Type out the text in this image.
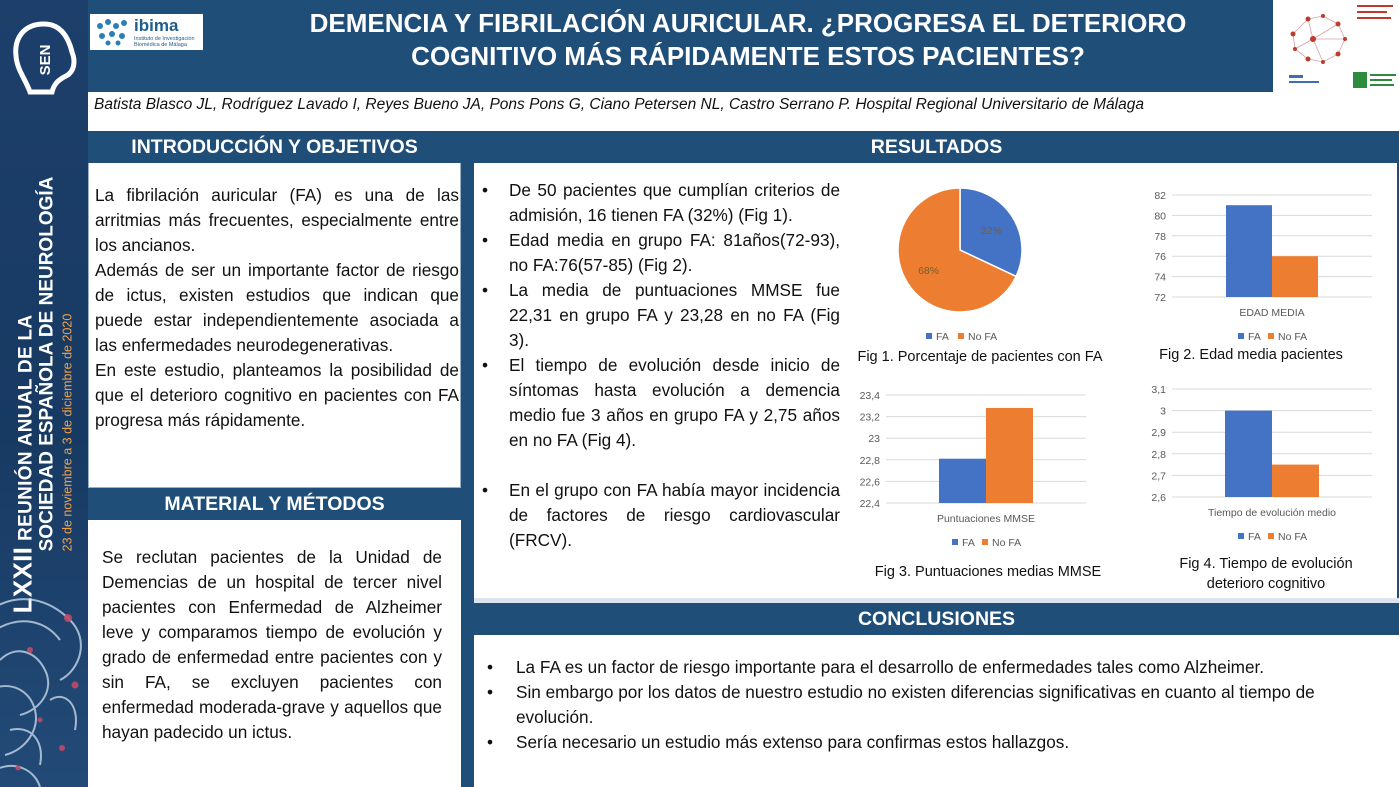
SEN
LXXIIREUNIÓN ANUAL DE LA SOCIEDAD ESPAÑOLA DE NEUROLOGÍA 23 de noviembre a 3 de diciembre de 2020
ibima
Instituto de Investigación Biomédica de Málaga
DEMENCIA Y FIBRILACIÓN AURICULAR. ¿PROGRESA EL DETERIORO
COGNITIVO MÁS RÁPIDAMENTE ESTOS PACIENTES?
Batista Blasco JL, Rodríguez Lavado I, Reyes Bueno JA, Pons Pons G, Ciano Petersen NL, Castro Serrano P. Hospital Regional Universitario de Málaga
INTRODUCCIÓN Y OBJETIVOS
MATERIAL Y MÉTODOS
RESULTADOS
CONCLUSIONES

La fibrilación auricular (FA) es una de las arritmias más frecuentes, especialmente entre los ancianos.

Además de ser un importante factor de riesgo de ictus, existen estudios que indican que puede estar independientemente asociada a las enfermedades neurodegenerativas.

En este estudio, planteamos la posibilidad de que el deterioro cognitivo en pacientes con FA progresa más rápidamente.

Se reclutan pacientes de la Unidad de Demencias de un hospital de tercer nivel pacientes con Enfermedad de Alzheimer leve y comparamos tiempo de evolución y grado de enfermedad entre pacientes con y sin FA, se excluyen pacientes con enfermedad moderada-grave y aquellos que hayan padecido un ictus.
• De 50 pacientes que cumplían criterios de admisión, 16 tienen FA (32%) (Fig 1).
• Edad media en grupo FA: 81años(72-93), no FA:76(57-85) (Fig 2).
• La media de puntuaciones MMSE fue 22,31 en grupo FA y 23,28 en no FA (Fig 3).
• El tiempo de evolución desde inicio de síntomas hasta evolución a demencia medio fue 3 años en grupo FA y 2,75 años en no FA (Fig 4).
• En el grupo con FA había mayor incidencia de factores de riesgo cardiovascular (FRCV).
32%
68%
FA No FA
Fig 1. Porcentaje de pacientes con FA
72
74
76
78
80
82
EDAD MEDIA
FA No FA
Fig 2. Edad media pacientes
22,4
22,6
22,8
23
23,2
23,4
Puntuaciones MMSE
FA No FA
Fig 3. Puntuaciones medias MMSE
2,6
2,7
2,8
2,9
3
3,1
Tiempo de evolución medio
FA No FA
Fig 4. Tiempo de evolución deterioro cognitivo
• La FA es un factor de riesgo importante para el desarrollo de enfermedades tales como Alzheimer.
• Sin embargo por los datos de nuestro estudio no existen diferencias significativas en cuanto al tiempo de evolución.
• Sería necesario un estudio más extenso para confirmas estos hallazgos.
